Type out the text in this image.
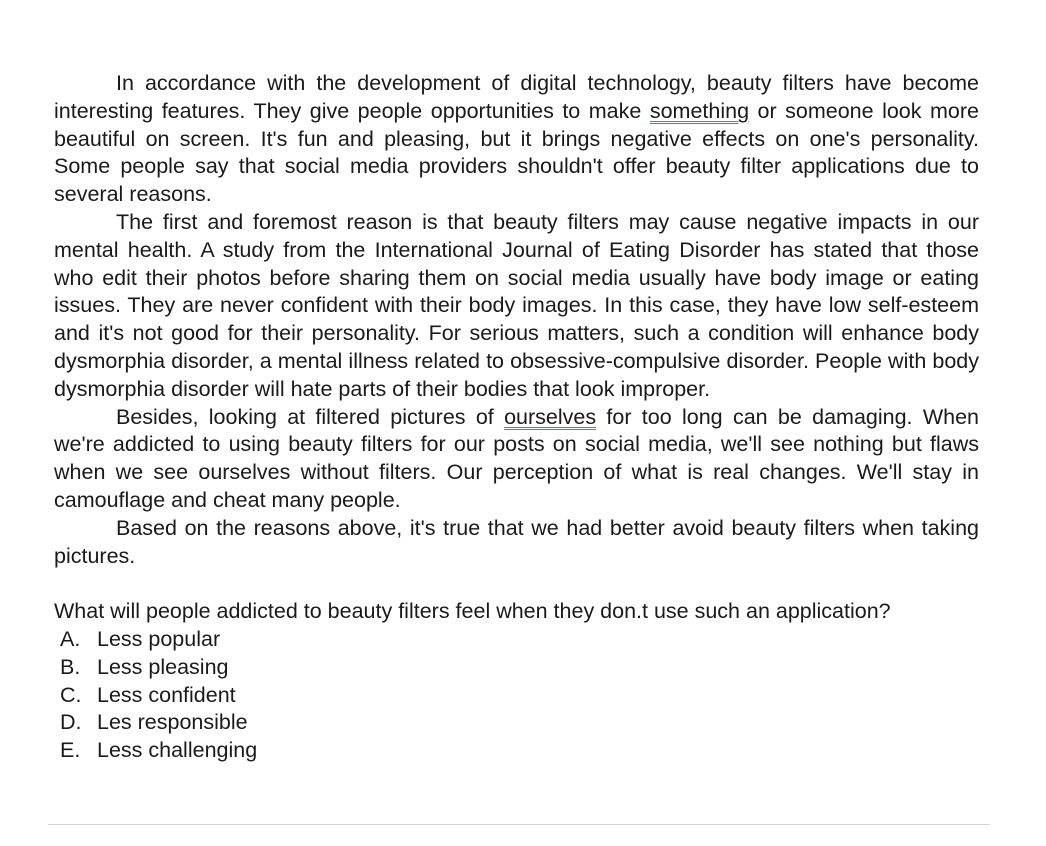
In accordance with the development of digital technology, beauty filters have become interesting features. They give people opportunities to make something or someone look more beautiful on screen. It's fun and pleasing, but it brings negative effects on one's personality. Some people say that social media providers shouldn't offer beauty filter applications due to several reasons.

The first and foremost reason is that beauty filters may cause negative impacts in our mental health. A study from the International Journal of Eating Disorder has stated that those who edit their photos before sharing them on social media usually have body image or eating issues. They are never confident with their body images. In this case, they have low self-esteem and it's not good for their personality. For serious matters, such a condition will enhance body dysmorphia disorder, a mental illness related to obsessive-compulsive disorder. People with body dysmorphia disorder will hate parts of their bodies that look improper.

Besides, looking at filtered pictures of ourselves for too long can be damaging. When we're addicted to using beauty filters for our posts on social media, we'll see nothing but flaws when we see ourselves without filters. Our perception of what is real changes. We'll stay in camouflage and cheat many people.

Based on the reasons above, it's true that we had better avoid beauty filters when taking pictures.

What will people addicted to beauty filters feel when they don.t use such an application?

A. Less popular
B. Less pleasing
C. Less confident
D. Les responsible
E. Less challenging
